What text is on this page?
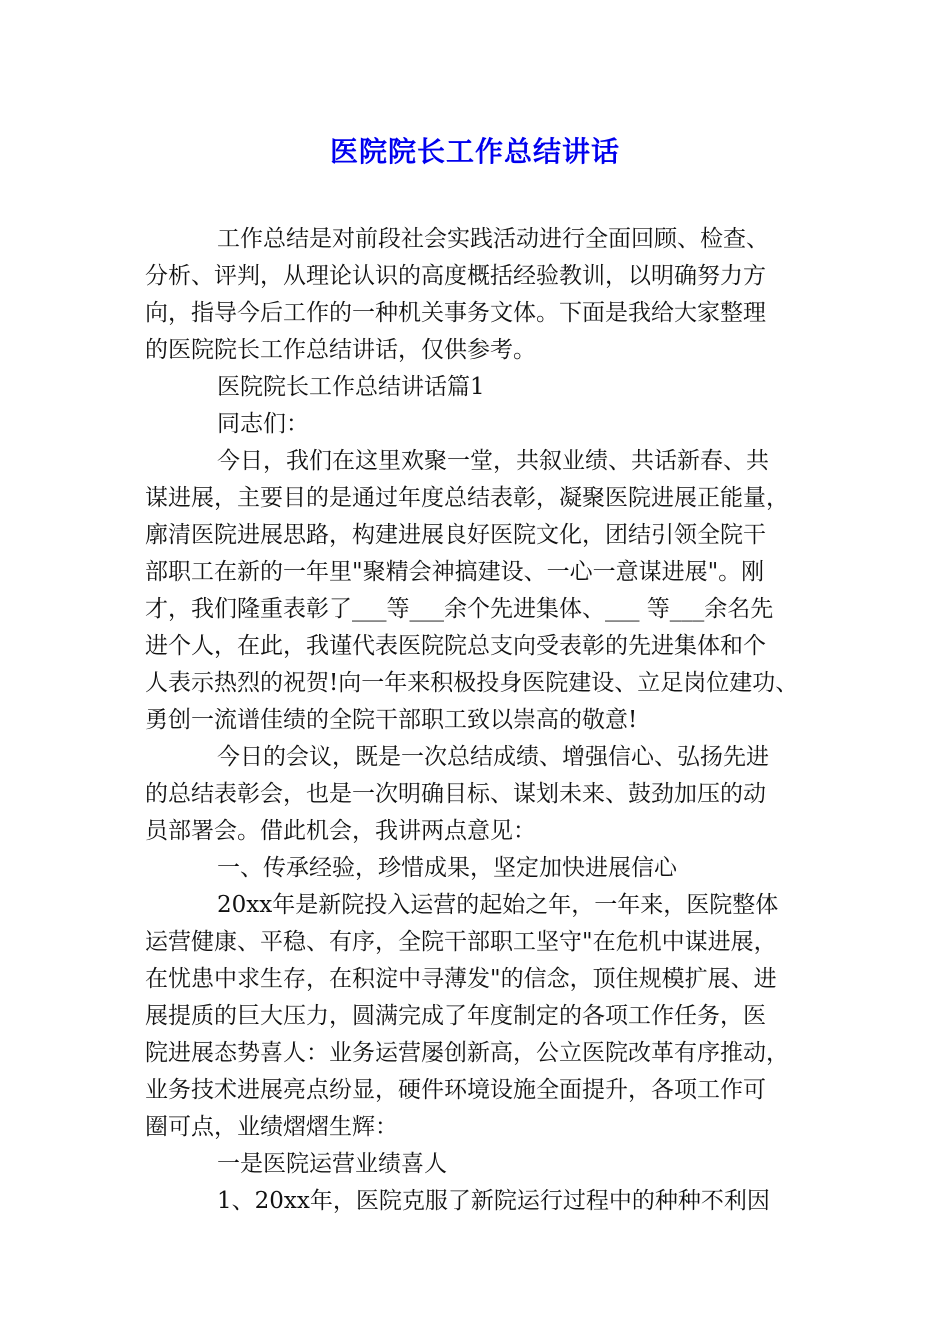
医院院长工作总结讲话
工作总结是对前段社会实践活动进行全面回顾、检查、
分析、评判，从理论认识的高度概括经验教训，以明确努力方
向，指导今后工作的一种机关事务文体。下面是我给大家整理
的医院院长工作总结讲话，仅供参考。
医院院长工作总结讲话篇1
同志们：
今日，我们在这里欢聚一堂，共叙业绩、共话新春、共
谋进展，主要目的是通过年度总结表彰，凝聚医院进展正能量，
廓清医院进展思路，构建进展良好医院文化，团结引领全院干
部职工在新的一年里"聚精会神搞建设、一心一意谋进展"。刚
才，我们隆重表彰了___等___余个先进集体、___ 等___余名先
进个人，在此，我谨代表医院院总支向受表彰的先进集体和个
人表示热烈的祝贺!向一年来积极投身医院建设、立足岗位建功、
勇创一流谱佳绩的全院干部职工致以崇高的敬意!
今日的会议，既是一次总结成绩、增强信心、弘扬先进
的总结表彰会，也是一次明确目标、谋划未来、鼓劲加压的动
员部署会。借此机会，我讲两点意见：
一、传承经验，珍惜成果，坚定加快进展信心
20xx年是新院投入运营的起始之年，一年来，医院整体
运营健康、平稳、有序，全院干部职工坚守"在危机中谋进展，
在忧患中求生存，在积淀中寻薄发"的信念，顶住规模扩展、进
展提质的巨大压力，圆满完成了年度制定的各项工作任务，医
院进展态势喜人：业务运营屡创新高，公立医院改革有序推动，
业务技术进展亮点纷显，硬件环境设施全面提升，各项工作可
圈可点，业绩熠熠生辉：
一是医院运营业绩喜人
1、20xx年，医院克服了新院运行过程中的种种不利因
